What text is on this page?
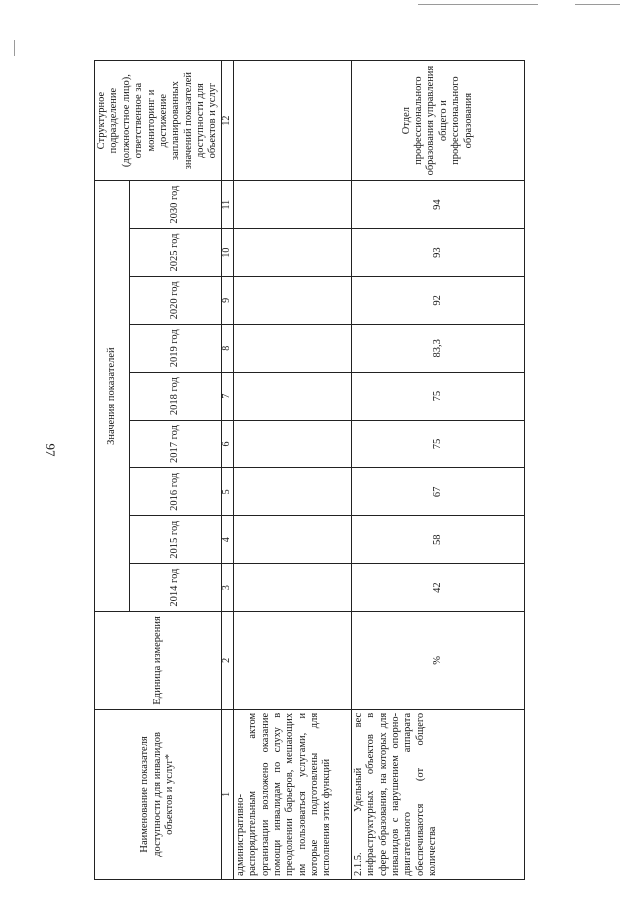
97
Наименование показателя доступности для инвалидов объектов и услуг*	Единица измерения	Значения показателей									Структурное подразделение (должностное лицо), ответственное за мониторинг и достижение запланированных значений показателей доступности для объектов и услуг
		2014 год	2015 год	2016 год	2017 год	2018 год	2019 год	2020 год	2025 год	2030 год	
1	2	3	4	5	6	7	8	9	10	11	12
административно-распорядительным актом организации возложено оказание помощи инвалидам по слуху в преодолении барьеров, мешающих им пользоваться услугами, и которые подготовлены для исполнения этих функций											
2.1.5. Удельный вес инфраструктурных объектов в сфере образования, на которых для инвалидов с нарушением опорно-двигательного аппарата обеспечиваются (от общего количества	%	42	58	67	75	75	83,3	92	93	94	Отдел профессионального образования управления общего и профессионального образования
